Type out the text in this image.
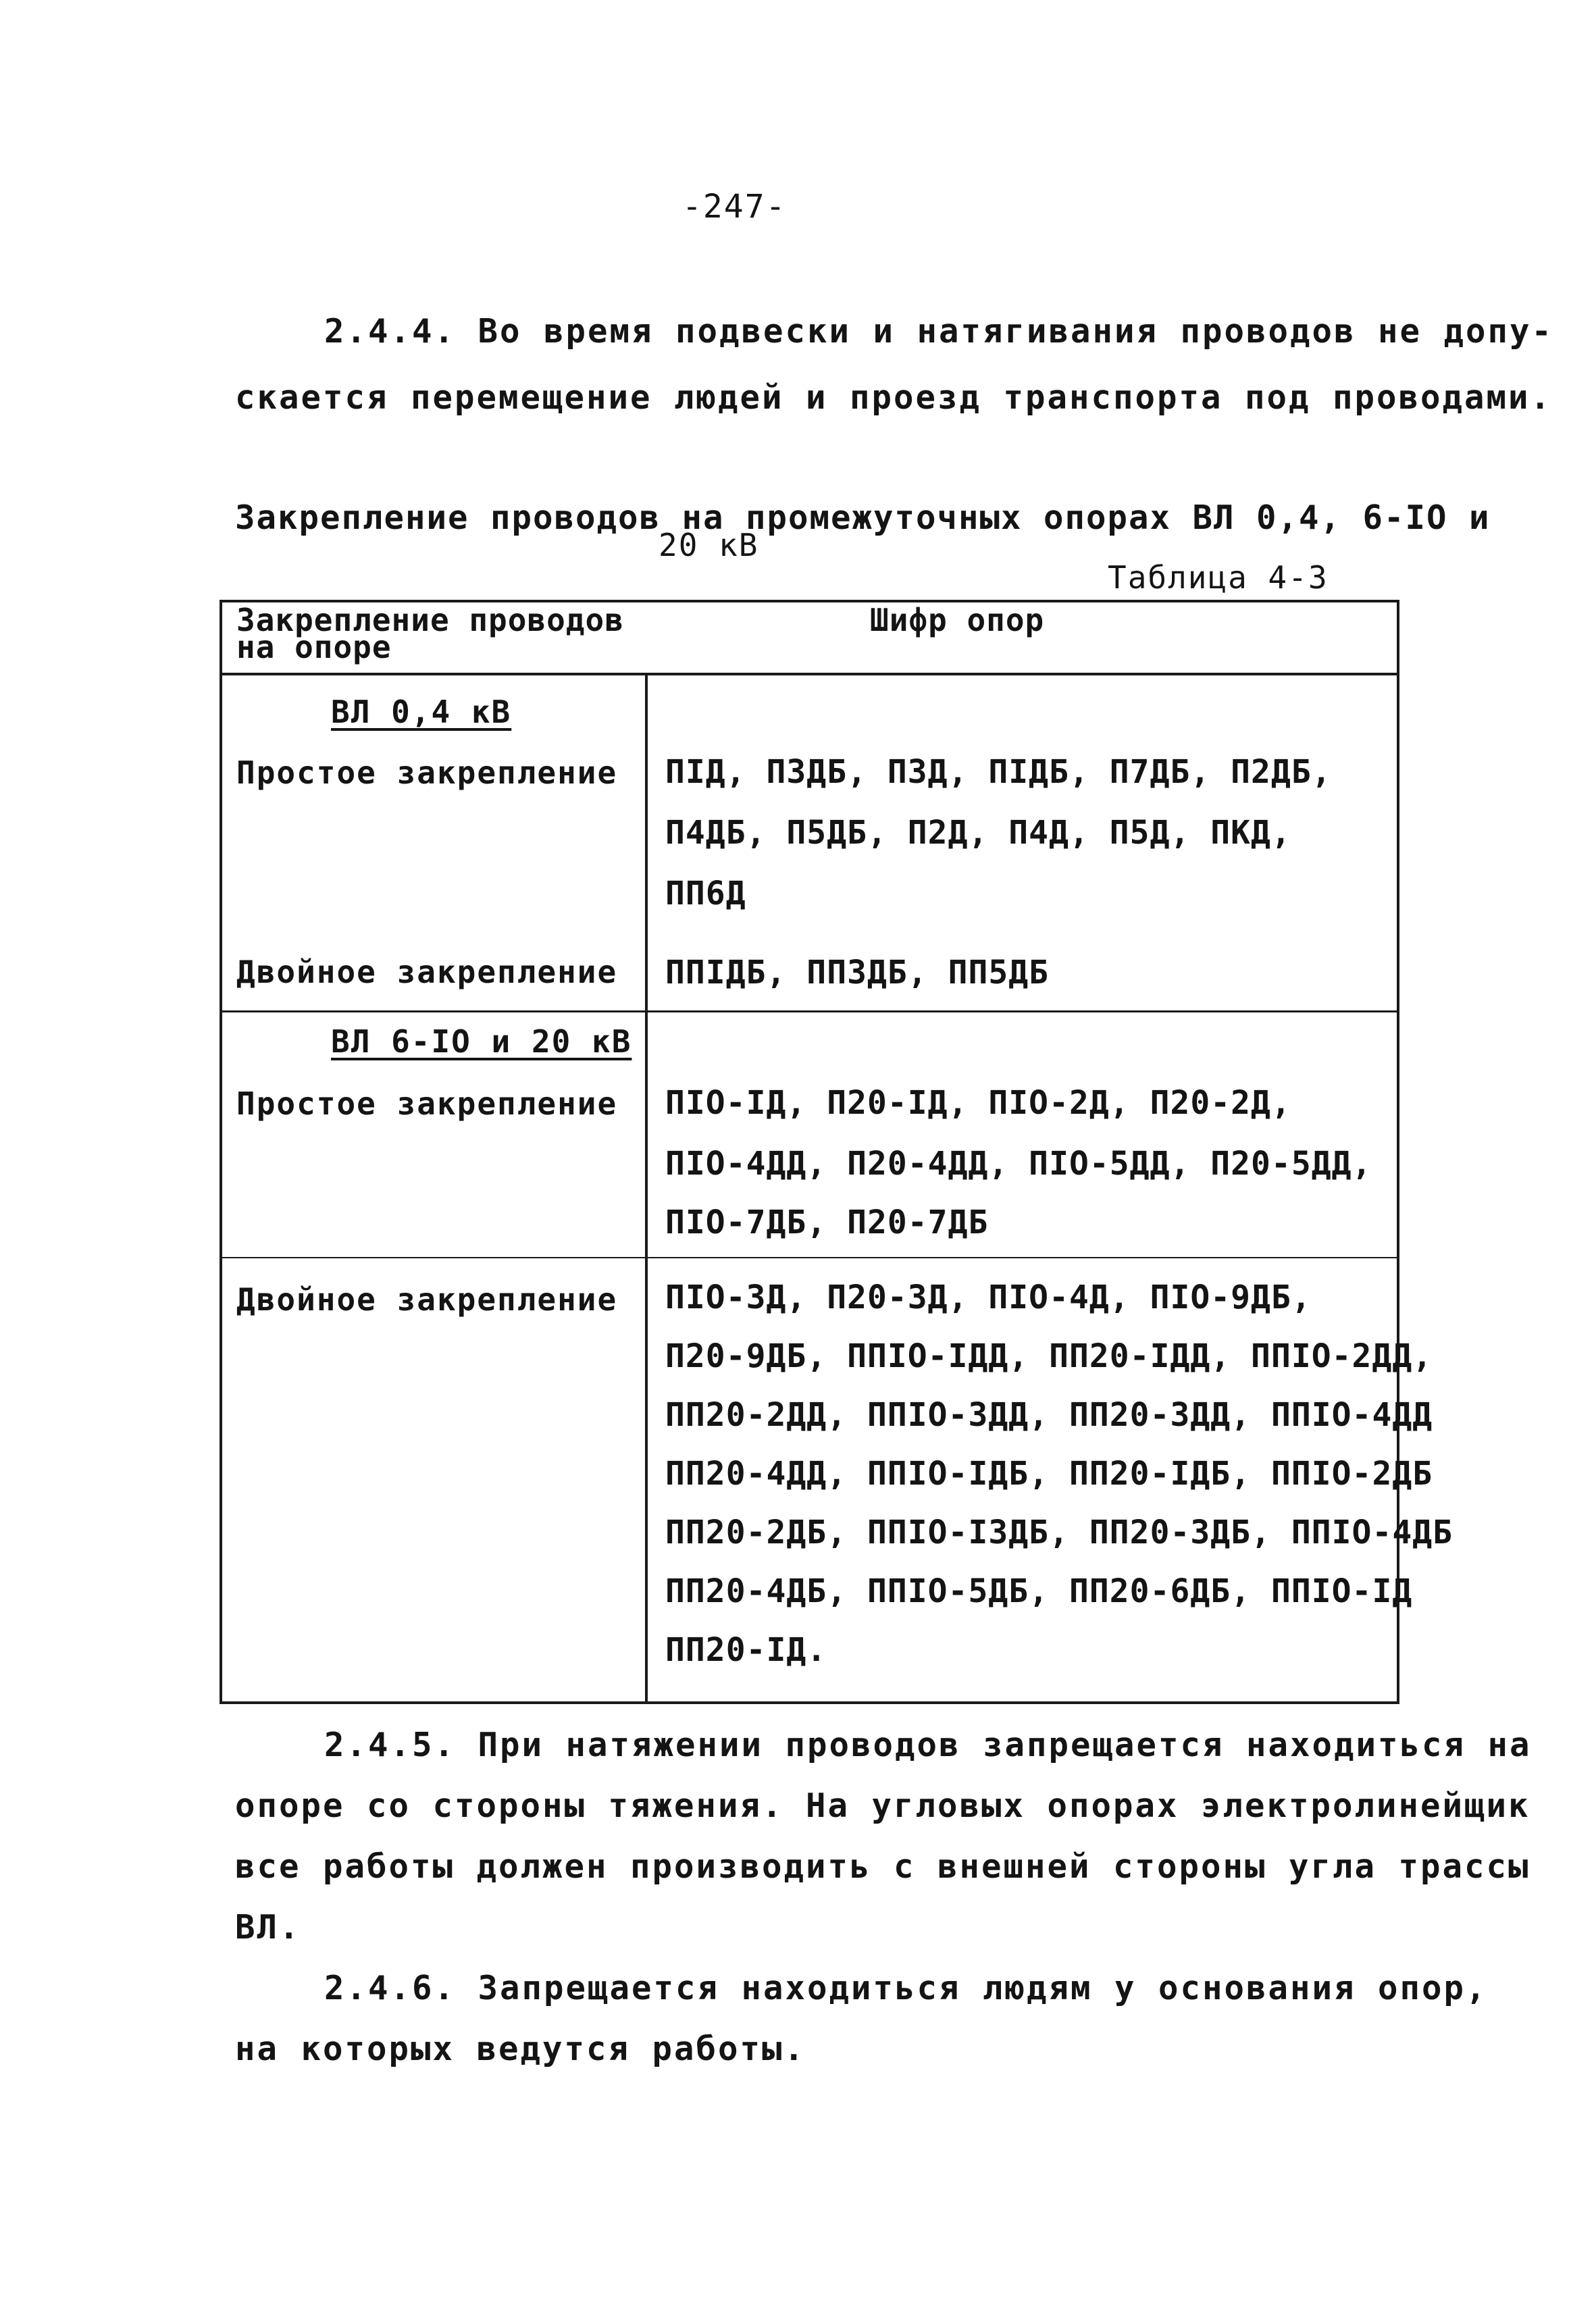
-247-
2.4.4. Во время подвески и натягивания проводов не допу-
скается перемещение людей и проезд транспорта под проводами.
Закрепление проводов на промежуточных опорах ВЛ 0,4, 6-IO и
20 кВ
Таблица 4-3
Закрепление проводов
на опоре
Шифр опор
ВЛ 0,4 кВ
Простое закрепление ПIД, П3ДБ, П3Д, ПIДБ, П7ДБ, П2ДБ,
П4ДБ, П5ДБ, П2Д, П4Д, П5Д, ПКД,
ПП6Д
Двойное закрепление ППIДБ, ПП3ДБ, ПП5ДБ
ВЛ 6-IO и 20 кВ
Простое закрепление ПIO-IД, П20-IД, ПIO-2Д, П20-2Д,
ПIO-4ДД, П20-4ДД, ПIO-5ДД, П20-5ДД,
ПIO-7ДБ, П20-7ДБ
Двойное закрепление ПIO-3Д, П20-3Д, ПIO-4Д, ПIO-9ДБ,
П20-9ДБ, ППIO-IДД, ПП20-IДД, ППIO-2ДД,
ПП20-2ДД, ППIO-3ДД, ПП20-3ДД, ППIO-4ДД
ПП20-4ДД, ППIO-IДБ, ПП20-IДБ, ППIO-2ДБ
ПП20-2ДБ, ППIO-I3ДБ, ПП20-3ДБ, ППIO-4ДБ
ПП20-4ДБ, ППIO-5ДБ, ПП20-6ДБ, ППIO-IД
ПП20-IД.
2.4.5. При натяжении проводов запрещается находиться на
опоре со стороны тяжения. На угловых опорах электролинейщик
все работы должен производить с внешней стороны угла трассы
ВЛ.
2.4.6. Запрещается находиться людям у основания опор,
на которых ведутся работы.
